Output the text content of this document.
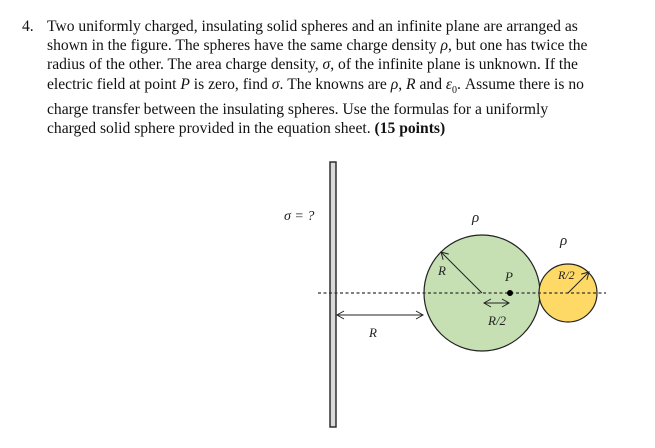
4. Two uniformly charged, insulating solid spheres and an infinite plane are arranged as
shown in the figure. The spheres have the same charge density ρ, but one has twice the
radius of the other. The area charge density, σ, of the infinite plane is unknown. If the
electric field at point P is zero, find σ. The knowns are ρ, R and $\varepsilon_0$. Assume there is no
charge transfer between the insulating spheres. Use the formulas for a uniformly
charged solid sphere provided in the equation sheet. (15 points)
σ = ?	ρ
ρ
R	P
R/2
R/2
R
